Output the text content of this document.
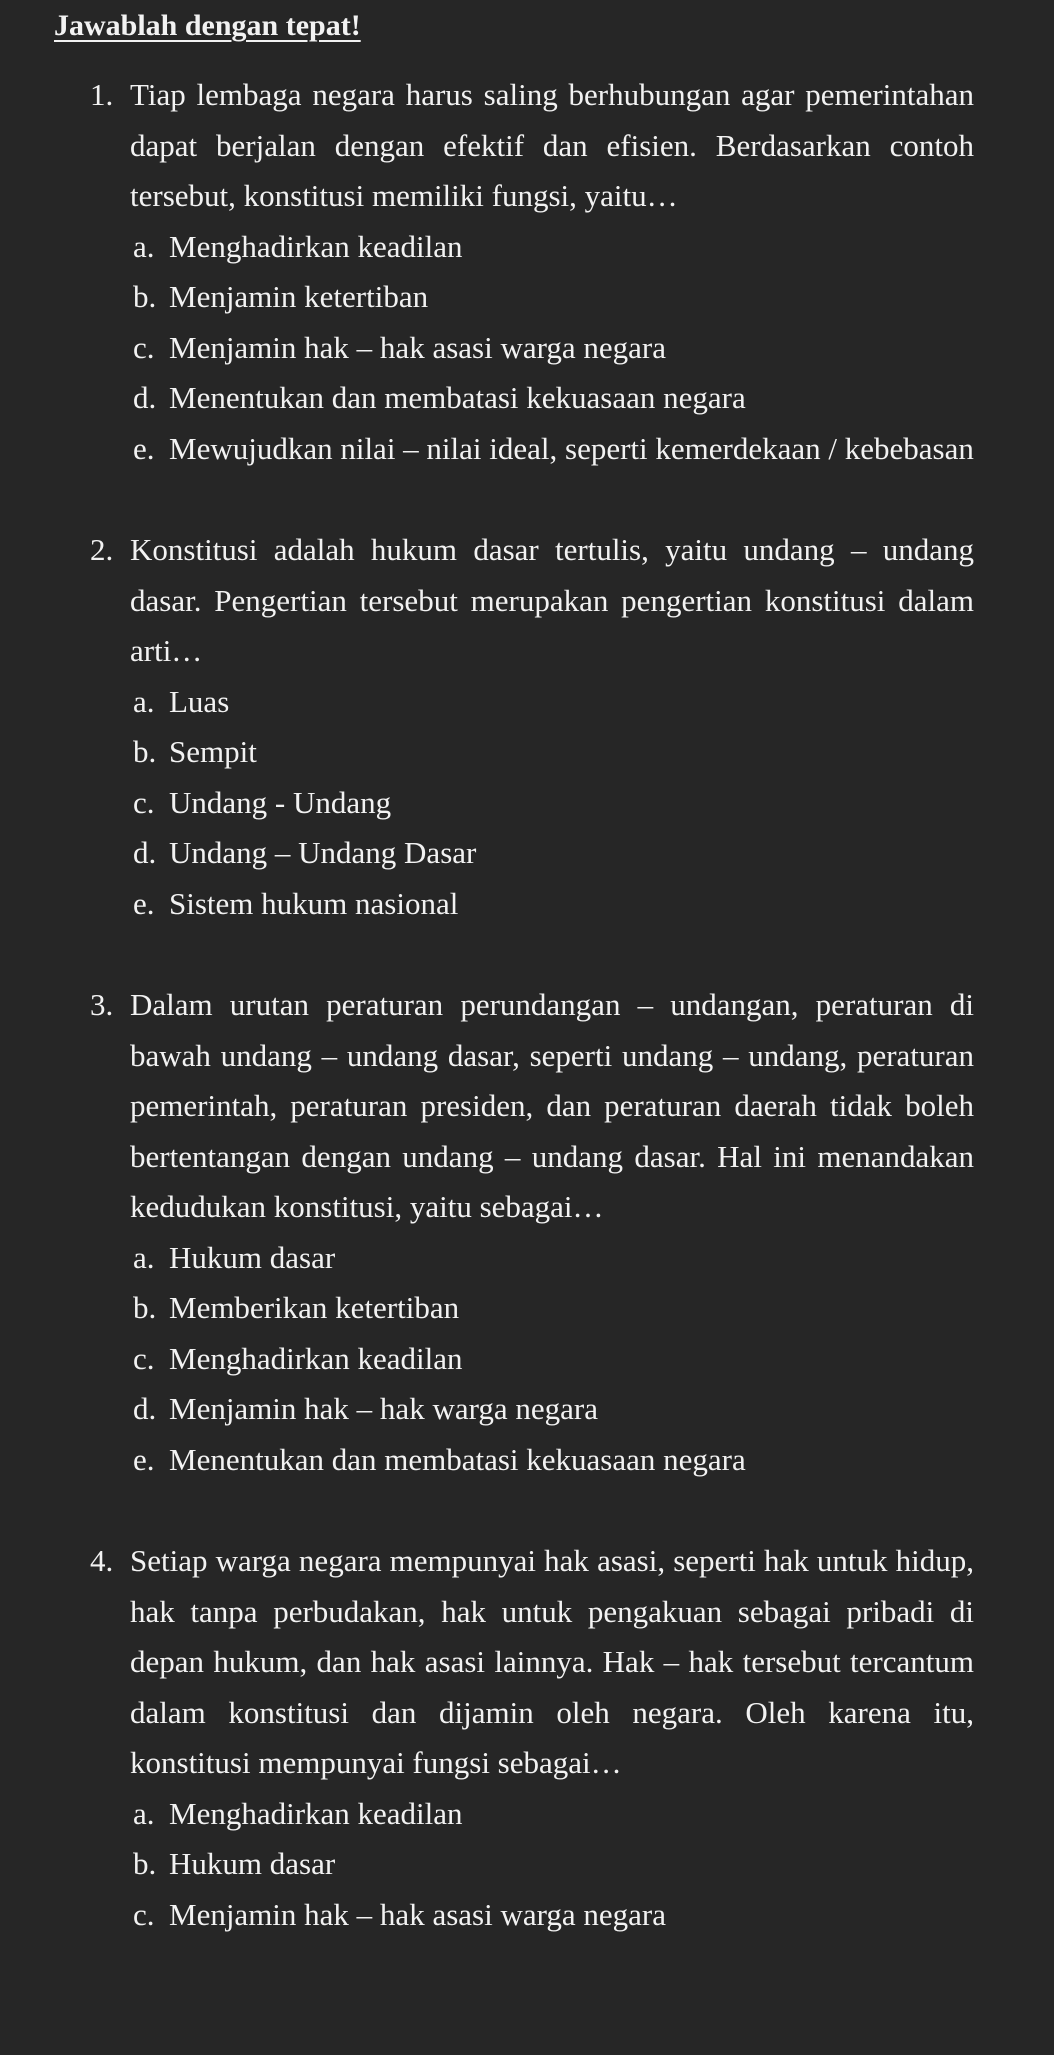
Jawablah dengan tepat!
1. Tiap lembaga negara harus saling berhubungan agar pemerintahan dapat berjalan dengan efektif dan efisien. Berdasarkan contoh tersebut, konstitusi memiliki fungsi, yaitu…
a. Menghadirkan keadilan
b. Menjamin ketertiban
c. Menjamin hak – hak asasi warga negara
d. Menentukan dan membatasi kekuasaan negara
e. Mewujudkan nilai – nilai ideal, seperti kemerdekaan / kebebasan
2. Konstitusi adalah hukum dasar tertulis, yaitu undang – undang dasar. Pengertian tersebut merupakan pengertian konstitusi dalam arti…
a. Luas
b. Sempit
c. Undang - Undang
d. Undang – Undang Dasar
e. Sistem hukum nasional
3. Dalam urutan peraturan perundangan – undangan, peraturan di bawah undang – undang dasar, seperti undang – undang, peraturan pemerintah, peraturan presiden, dan peraturan daerah tidak boleh bertentangan dengan undang – undang dasar. Hal ini menandakan kedudukan konstitusi, yaitu sebagai…
a. Hukum dasar
b. Memberikan ketertiban
c. Menghadirkan keadilan
d. Menjamin hak – hak warga negara
e. Menentukan dan membatasi kekuasaan negara
4. Setiap warga negara mempunyai hak asasi, seperti hak untuk hidup, hak tanpa perbudakan, hak untuk pengakuan sebagai pribadi di depan hukum, dan hak asasi lainnya. Hak – hak tersebut tercantum dalam konstitusi dan dijamin oleh negara. Oleh karena itu, konstitusi mempunyai fungsi sebagai…
a. Menghadirkan keadilan
b. Hukum dasar
c. Menjamin hak – hak asasi warga negara
